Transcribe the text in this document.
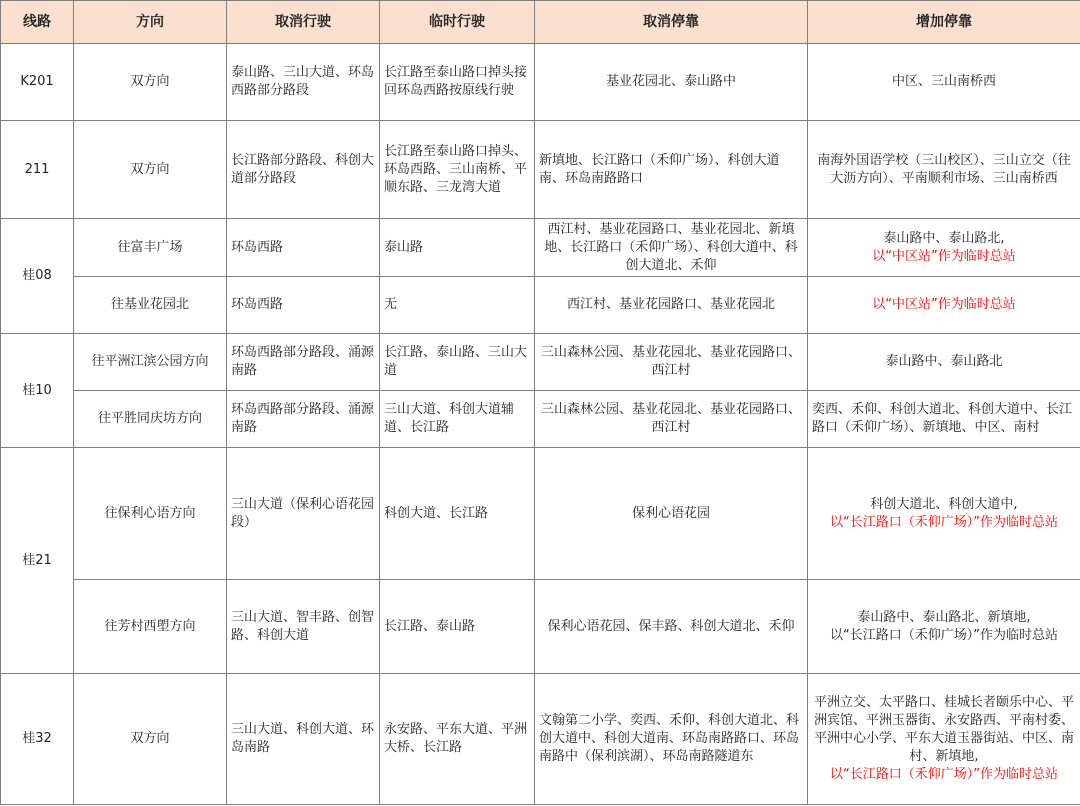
线路	方向	取消行驶	临时行驶	取消停靠	增加停靠
K201	双方向	泰山路、三山大道、环岛西路部分路段	长江路至泰山路口掉头接回环岛西路按原线行驶	基业花园北、泰山路中	中区、三山南桥西
211	双方向	长江路部分路段、科创大道部分路段	长江路至泰山路口掉头、环岛西路、三山南桥、平顺东路、三龙湾大道	新填地、长江路口（禾仰广场）、科创大道南、环岛南路路口	南海外国语学校（三山校区）、三山立交（往大沥方向）、平南顺利市场、三山南桥西
桂08	往富丰广场	环岛西路	泰山路	西江村、基业花园路口、基业花园北、新填地、长江路口（禾仰广场）、科创大道中、科创大道北、禾仰	泰山路中、泰山路北,
以“中区站”作为临时总站

	往基业花园北	环岛西路	无	西江村、基业花园路口、基业花园北	以“中区站”作为临时总站

桂10	往平洲江滨公园方向	环岛西路部分路段、涌源南路	长江路、泰山路、三山大道	三山森林公园、基业花园北、基业花园路口、西江村	泰山路中、泰山路北
	往平胜同庆坊方向	环岛西路部分路段、涌源南路	三山大道、科创大道辅道、长江路	三山森林公园、基业花园北、基业花园路口、西江村	奕西、禾仰、科创大道北、科创大道中、长江路口（禾仰广场）、新填地、中区、南村
桂21	往保利心语方向	三山大道（保利心语花园段）	科创大道、长江路	保利心语花园	科创大道北、科创大道中,
以“长江路口（禾仰广场）”作为临时总站

	往芳村西塱方向	三山大道、智丰路、创智路、科创大道	长江路、泰山路	保利心语花园、保丰路、科创大道北、禾仰	泰山路中、泰山路北、新填地,
以“长江路口（禾仰广场）”作为临时总站

桂32	双方向	三山大道、科创大道、环岛南路	永安路、平东大道、平洲大桥、长江路	文翰第二小学、奕西、禾仰、科创大道北、科创大道中、科创大道南、环岛南路路口、环岛南路中（保利滨湖）、环岛南路隧道东	平洲立交、太平路口、桂城长者颐乐中心、平洲宾馆、平洲玉器街、永安路西、平南村委、平洲中心小学、平东大道玉器街站、中区、南村、新填地,
以“长江路口（禾仰广场）”作为临时总站
